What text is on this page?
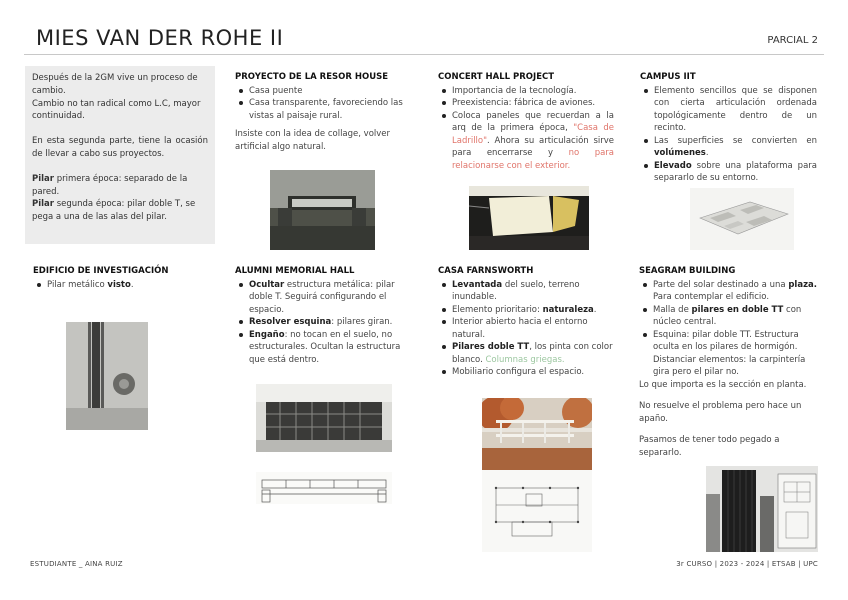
MIES VAN DER ROHE II	PARCIAL 2

Después de la 2GM vive un proceso de cambio.

Cambio no tan radical como L.C, mayor continuidad.

En esta segunda parte, tiene la ocasión de llevar a cabo sus proyectos.

Pilar primera época: separado de la pared.

Pilar segunda época: pilar doble T, se pega a una de las alas del pilar.

PROYECTO DE LA RESOR HOUSE
Casa puente
Casa transparente, favoreciendo las vistas al paisaje rural.

Insiste con la idea de collage, volver artificial algo natural.

CONCERT HALL PROJECT
Importancia de la tecnología.
Preexistencia: fábrica de aviones.
Coloca paneles que recuerdan a la arq de la primera época, "Casa de Ladrillo". Ahora su articulación sirve para encerrarse y no para relacionarse con el exterior.
CAMPUS IIT
Elemento sencillos que se disponen con cierta articulación ordenada topológicamente dentro de un recinto.
Las superficies se convierten en volúmenes.
Elevado sobre una plataforma para separarlo de su entorno.
EDIFICIO DE INVESTIGACIÓN
Pilar metálico visto.
ALUMNI MEMORIAL HALL
Ocultar estructura metálica: pilar doble T. Seguirá configurando el espacio.
Resolver esquina: pilares giran.
Engaño: no tocan en el suelo, no estructurales. Ocultan la estructura que está dentro.
CASA FARNSWORTH
Levantada del suelo, terreno inundable.
Elemento prioritario: naturaleza.
Interior abierto hacia el entorno natural.
Pilares doble TT, los pinta con color blanco. Columnas griegas.
Mobiliario configura el espacio.
SEAGRAM BUILDING
Parte del solar destinado a una plaza. Para contemplar el edificio.
Malla de pilares en doble TT con núcleo central.
Esquina: pilar doble TT. Estructura oculta en los pilares de hormigón. Distanciar elementos: la carpintería gira pero el pilar no.

Lo que importa es la sección en planta.

No resuelve el problema pero hace un apaño.

Pasamos de tener todo pegado a separarlo.

ESTUDIANTE _ AINA RUIZ	3r CURSO | 2023 - 2024 | ETSAB | UPC
